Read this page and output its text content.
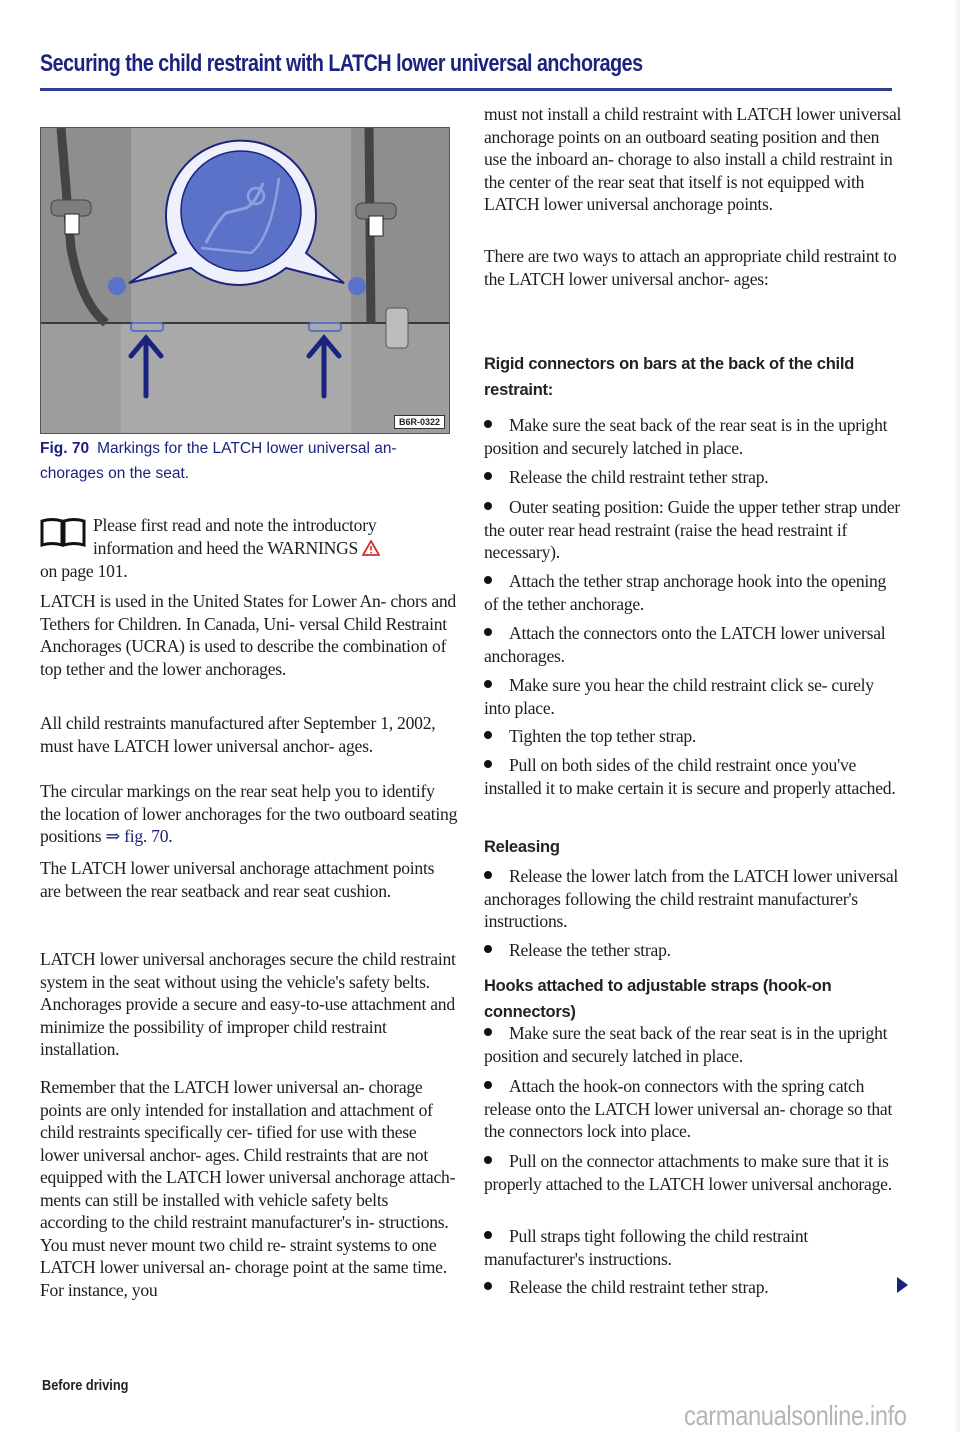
Securing the child restraint with LATCH lower universal anchorages
B6R-0322
Fig. 70 Markings for the LATCH lower universal an-chorages on the seat.

Please first read and note the introductory

information and heed the WARNINGS

on page 101.

LATCH is used in the United States for Lower An- chors and Tethers for Children. In Canada, Uni- versal Child Restraint Anchorages (UCRA) is used to describe the combination of top tether and the lower anchorages.

All child restraints manufactured after September 1, 2002, must have LATCH lower universal anchor- ages.

The circular markings on the rear seat help you to identify the location of lower anchorages for the two outboard seating positions ⇒ fig. 70.

The LATCH lower universal anchorage attachment points are between the rear seatback and rear seat cushion.

LATCH lower universal anchorages secure the child restraint system in the seat without using the vehicle's safety belts. Anchorages provide a secure and easy-to-use attachment and minimize the possibility of improper child restraint installation.

Remember that the LATCH lower universal an- chorage points are only intended for installation and attachment of child restraints specifically cer- tified for use with these lower universal anchor- ages. Child restraints that are not equipped with the LATCH lower universal anchorage attach- ments can still be installed with vehicle safety belts according to the child restraint manufacturer's in- structions. You must never mount two child re- straint systems to one LATCH lower universal an- chorage point at the same time. For instance, you

must not install a child restraint with LATCH lower universal anchorage points on an outboard seating position and then use the inboard an- chorage to also install a child restraint in the center of the rear seat that itself is not equipped with LATCH lower universal anchorage points.

There are two ways to attach an appropriate child restraint to the LATCH lower universal anchor- ages:

Rigid connectors on bars at the back of the child restraint:

Make sure the seat back of the rear seat is in the upright position and securely latched in place.

Release the child restraint tether strap.

Outer seating position: Guide the upper tether strap under the outer rear head restraint (raise the head restraint if necessary).

Attach the tether strap anchorage hook into the opening of the tether anchorage.

Attach the connectors onto the LATCH lower universal anchorages.

Make sure you hear the child restraint click se- curely into place.

Tighten the top tether strap.

Pull on both sides of the child restraint once you've installed it to make certain it is secure and properly attached.

Releasing

Release the lower latch from the LATCH lower universal anchorages following the child restraint manufacturer's instructions.

Release the tether strap.

Hooks attached to adjustable straps (hook-on connectors)

Make sure the seat back of the rear seat is in the upright position and securely latched in place.

Attach the hook-on connectors with the spring catch release onto the LATCH lower universal an- chorage so that the connectors lock into place.

Pull on the connector attachments to make sure that it is properly attached to the LATCH lower universal anchorage.

Pull straps tight following the child restraint manufacturer's instructions.

Release the child restraint tether strap.

Before driving
carmanualsonline.info
